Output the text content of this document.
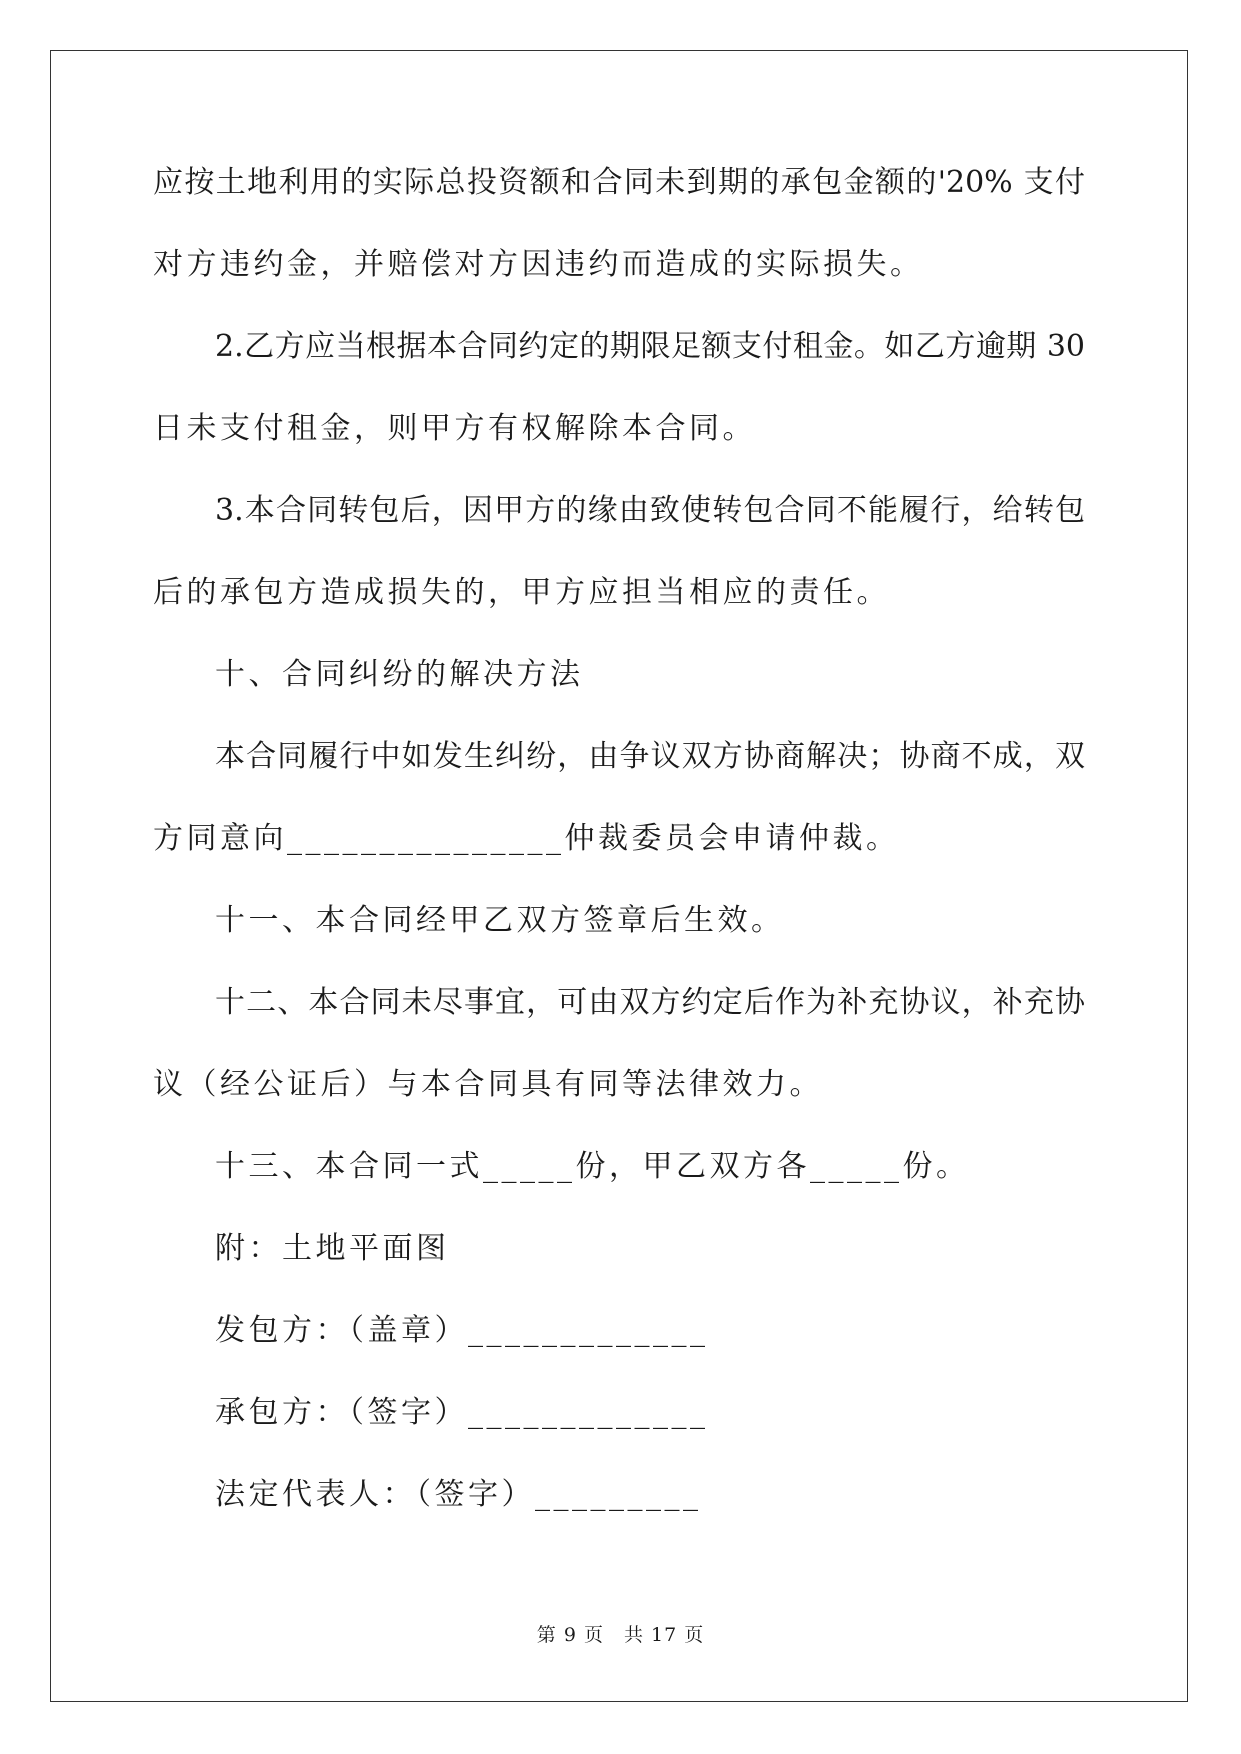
应按土地利用的实际总投资额和合同未到期的承包金额的'20% 支付
对方违约金，并赔偿对方因违约而造成的实际损失。
2.乙方应当根据本合同约定的期限足额支付租金。如乙方逾期 30
日未支付租金，则甲方有权解除本合同。
3.本合同转包后，因甲方的缘由致使转包合同不能履行，给转包
后的承包方造成损失的，甲方应担当相应的责任。
十、合同纠纷的解决方法
本合同履行中如发生纠纷，由争议双方协商解决；协商不成，双
方同意向_______________仲裁委员会申请仲裁。
十一、本合同经甲乙双方签章后生效。
十二、本合同未尽事宜，可由双方约定后作为补充协议，补充协
议（经公证后）与本合同具有同等法律效力。
十三、本合同一式_____份，甲乙双方各_____份。
附：土地平面图
发包方：（盖章）_____________
承包方：（签字）_____________
法定代表人：（签字）_________
第 9 页　共 17 页
